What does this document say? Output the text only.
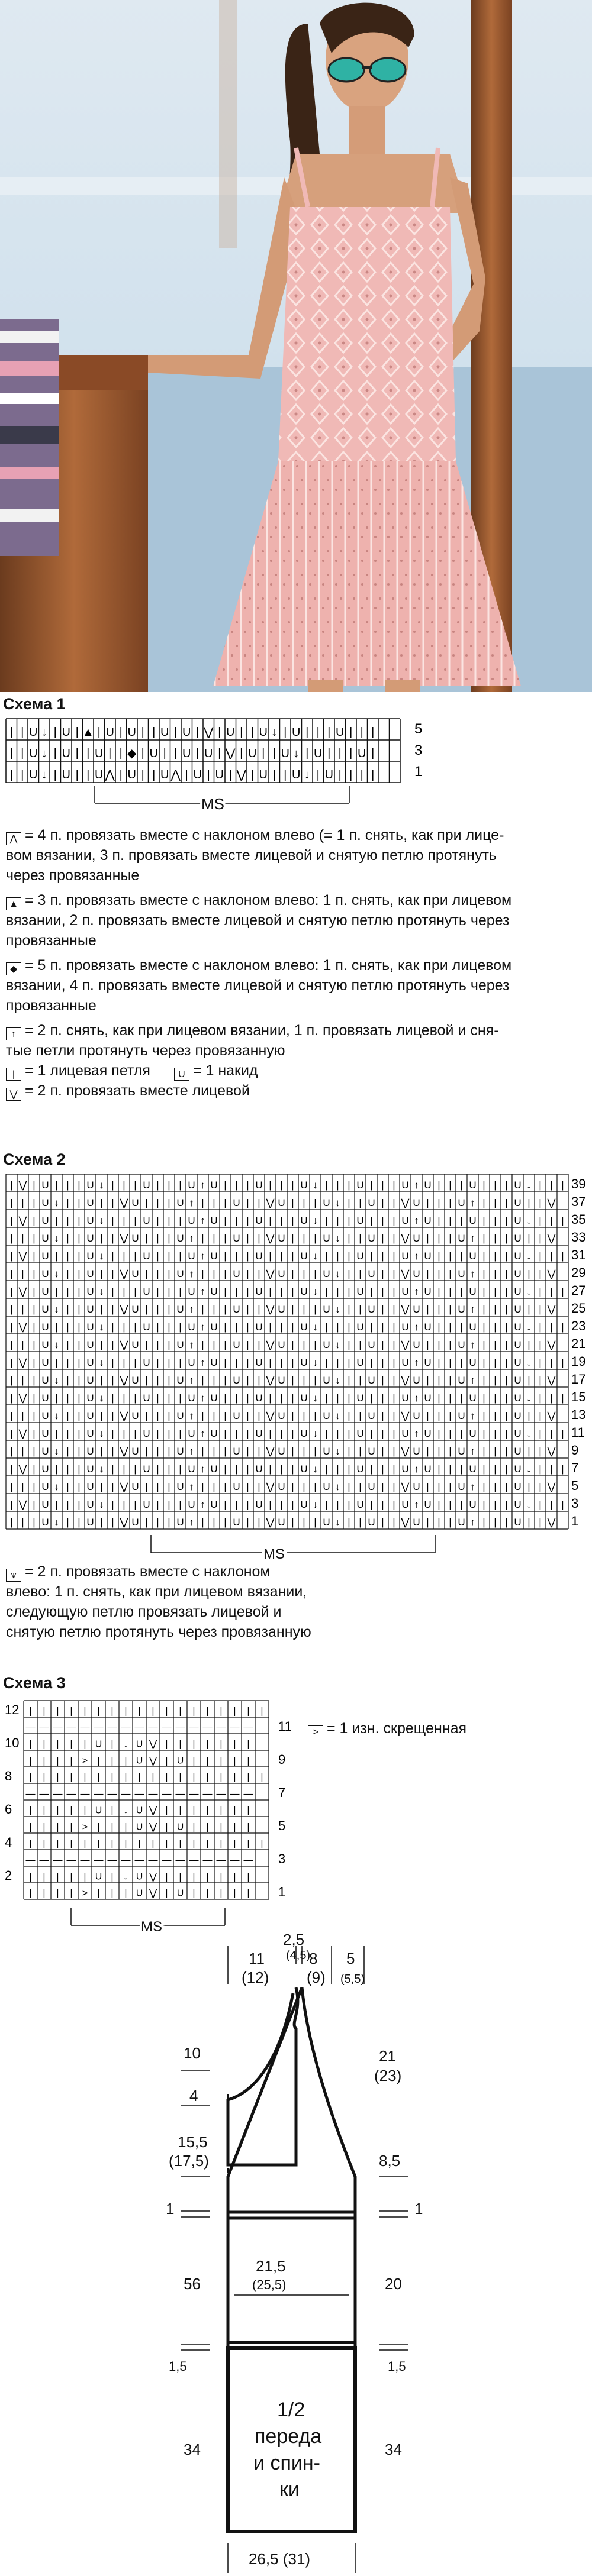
Схема 1
| | U ↓ | U | ▲ | U | U | | U | U | ⋁ | U | | U ↓ | U | | | U | | |
| | U ↓ | U | | U | | ◆ | U | | U | U | ⋁ | U | | U ↓ | U | | | U |
| | U ↓ | U | | U ⋀ | U | | U ⋀ | U | U | ⋁ | U | | U ↓ | U | | | |
5
3
1
MS
⋀ = 4 п. провязать вместе с наклоном влево (= 1 п. снять, как при лице-
вом вязании, 3 п. провязать вместе лицевой и снятую петлю протянуть
через провязанные
▲ = 3 п. провязать вместе с наклоном влево: 1 п. снять, как при лицевом
вязании, 2 п. провязать вместе лицевой и снятую петлю протянуть через
провязанные
◆ = 5 п. провязать вместе с наклоном влево: 1 п. снять, как при лицевом
вязании, 4 п. провязать вместе лицевой и снятую петлю протянуть через
провязанные
↑ = 2 п. снять, как при лицевом вязании, 1 п. провязать лицевой и сня-
тые петли протянуть через провязанную
| = 1 лицевая петля	U = 1 накид
⋁ = 2 п. провязать вместе лицевой
Схема 2
| ⋁ | U | | | U ↓ | | | U | | | U ↑ U | | | U | | | U ↓ | | | U | | | U ↑ U | | | U | | | U ↓ | | |
| | | U ↓ | | U | | ⋁ U | | | U ↑ | | | U | | ⋁ U | | | U ↓ | | U | | ⋁ U | | | U ↑ | | | U | | ⋁
| ⋁ | U | | | U ↓ | | | U | | | U ↑ U | | | U | | | U ↓ | | | U | | | U ↑ U | | | U | | | U ↓ | | |
| | | U ↓ | | U | | ⋁ U | | | U ↑ | | | U | | ⋁ U | | | U ↓ | | U | | ⋁ U | | | U ↑ | | | U | | ⋁
| ⋁ | U | | | U ↓ | | | U | | | U ↑ U | | | U | | | U ↓ | | | U | | | U ↑ U | | | U | | | U ↓ | | |
| | | U ↓ | | U | | ⋁ U | | | U ↑ | | | U | | ⋁ U | | | U ↓ | | U | | ⋁ U | | | U ↑ | | | U | | ⋁
| ⋁ | U | | | U ↓ | | | U | | | U ↑ U | | | U | | | U ↓ | | | U | | | U ↑ U | | | U | | | U ↓ | | |
| | | U ↓ | | U | | ⋁ U | | | U ↑ | | | U | | ⋁ U | | | U ↓ | | U | | ⋁ U | | | U ↑ | | | U | | ⋁
| ⋁ | U | | | U ↓ | | | U | | | U ↑ U | | | U | | | U ↓ | | | U | | | U ↑ U | | | U | | | U ↓ | | |
| | | U ↓ | | U | | ⋁ U | | | U ↑ | | | U | | ⋁ U | | | U ↓ | | U | | ⋁ U | | | U ↑ | | | U | | ⋁
| ⋁ | U | | | U ↓ | | | U | | | U ↑ U | | | U | | | U ↓ | | | U | | | U ↑ U | | | U | | | U ↓ | | |
| | | U ↓ | | U | | ⋁ U | | | U ↑ | | | U | | ⋁ U | | | U ↓ | | U | | ⋁ U | | | U ↑ | | | U | | ⋁
| ⋁ | U | | | U ↓ | | | U | | | U ↑ U | | | U | | | U ↓ | | | U | | | U ↑ U | | | U | | | U ↓ | | |
| | | U ↓ | | U | | ⋁ U | | | U ↑ | | | U | | ⋁ U | | | U ↓ | | U | | ⋁ U | | | U ↑ | | | U | | ⋁
| ⋁ | U | | | U ↓ | | | U | | | U ↑ U | | | U | | | U ↓ | | | U | | | U ↑ U | | | U | | | U ↓ | | |
| | | U ↓ | | U | | ⋁ U | | | U ↑ | | | U | | ⋁ U | | | U ↓ | | U | | ⋁ U | | | U ↑ | | | U | | ⋁
| ⋁ | U | | | U ↓ | | | U | | | U ↑ U | | | U | | | U ↓ | | | U | | | U ↑ U | | | U | | | U ↓ | | |
| | | U ↓ | | U | | ⋁ U | | | U ↑ | | | U | | ⋁ U | | | U ↓ | | U | | ⋁ U | | | U ↑ | | | U | | ⋁
| ⋁ | U | | | U ↓ | | | U | | | U ↑ U | | | U | | | U ↓ | | | U | | | U ↑ U | | | U | | | U ↓ | | |
| | | U ↓ | | U | | ⋁ U | | | U ↑ | | | U | | ⋁ U | | | U ↓ | | U | | ⋁ U | | | U ↑ | | | U | | ⋁
39
37
35
33
31
29
27
25
23
21
19
17
15
13
11
9
7
5
3
1
MS
⩛ = 2 п. провязать вместе с наклоном
влево: 1 п. снять, как при лицевом вязании,
следующую петлю провязать лицевой и
снятую петлю протянуть через провязанную
Схема 3
| | | | | | | | | | | | | | | | | |
— — — — — — — — — — — — — — — — —
| | | | | U | ↓ U ⋁ | | | | | | |
| | | | > | | | U ⋁ | U | | | | |
| | | | | | | | | | | | | | | | | |
— — — — — — — — — — — — — — — — —
| | | | | U | ↓ U ⋁ | | | | | | |
| | | | > | | | U ⋁ | U | | | | |
| | | | | | | | | | | | | | | | | |
— — — — — — — — — — — — — — — — —
| | | | | U | ↓ U ⋁ | | | | | | |
| | | | > | | | U ⋁ | U | | | | |
12
10
8
6
4
2
11
9
7
5
3
1
MS
> = 1 изн. скрещенная
11
(12)
2,5
(4,5)
8
(9)
5
(5,5)
10
4
15,5
(17,5)
1
56
1,5
34
21
(23)
8,5
1
20
1,5
34
21,5
(25,5)
1/2
переда
и спин-
ки
26,5 (31)
